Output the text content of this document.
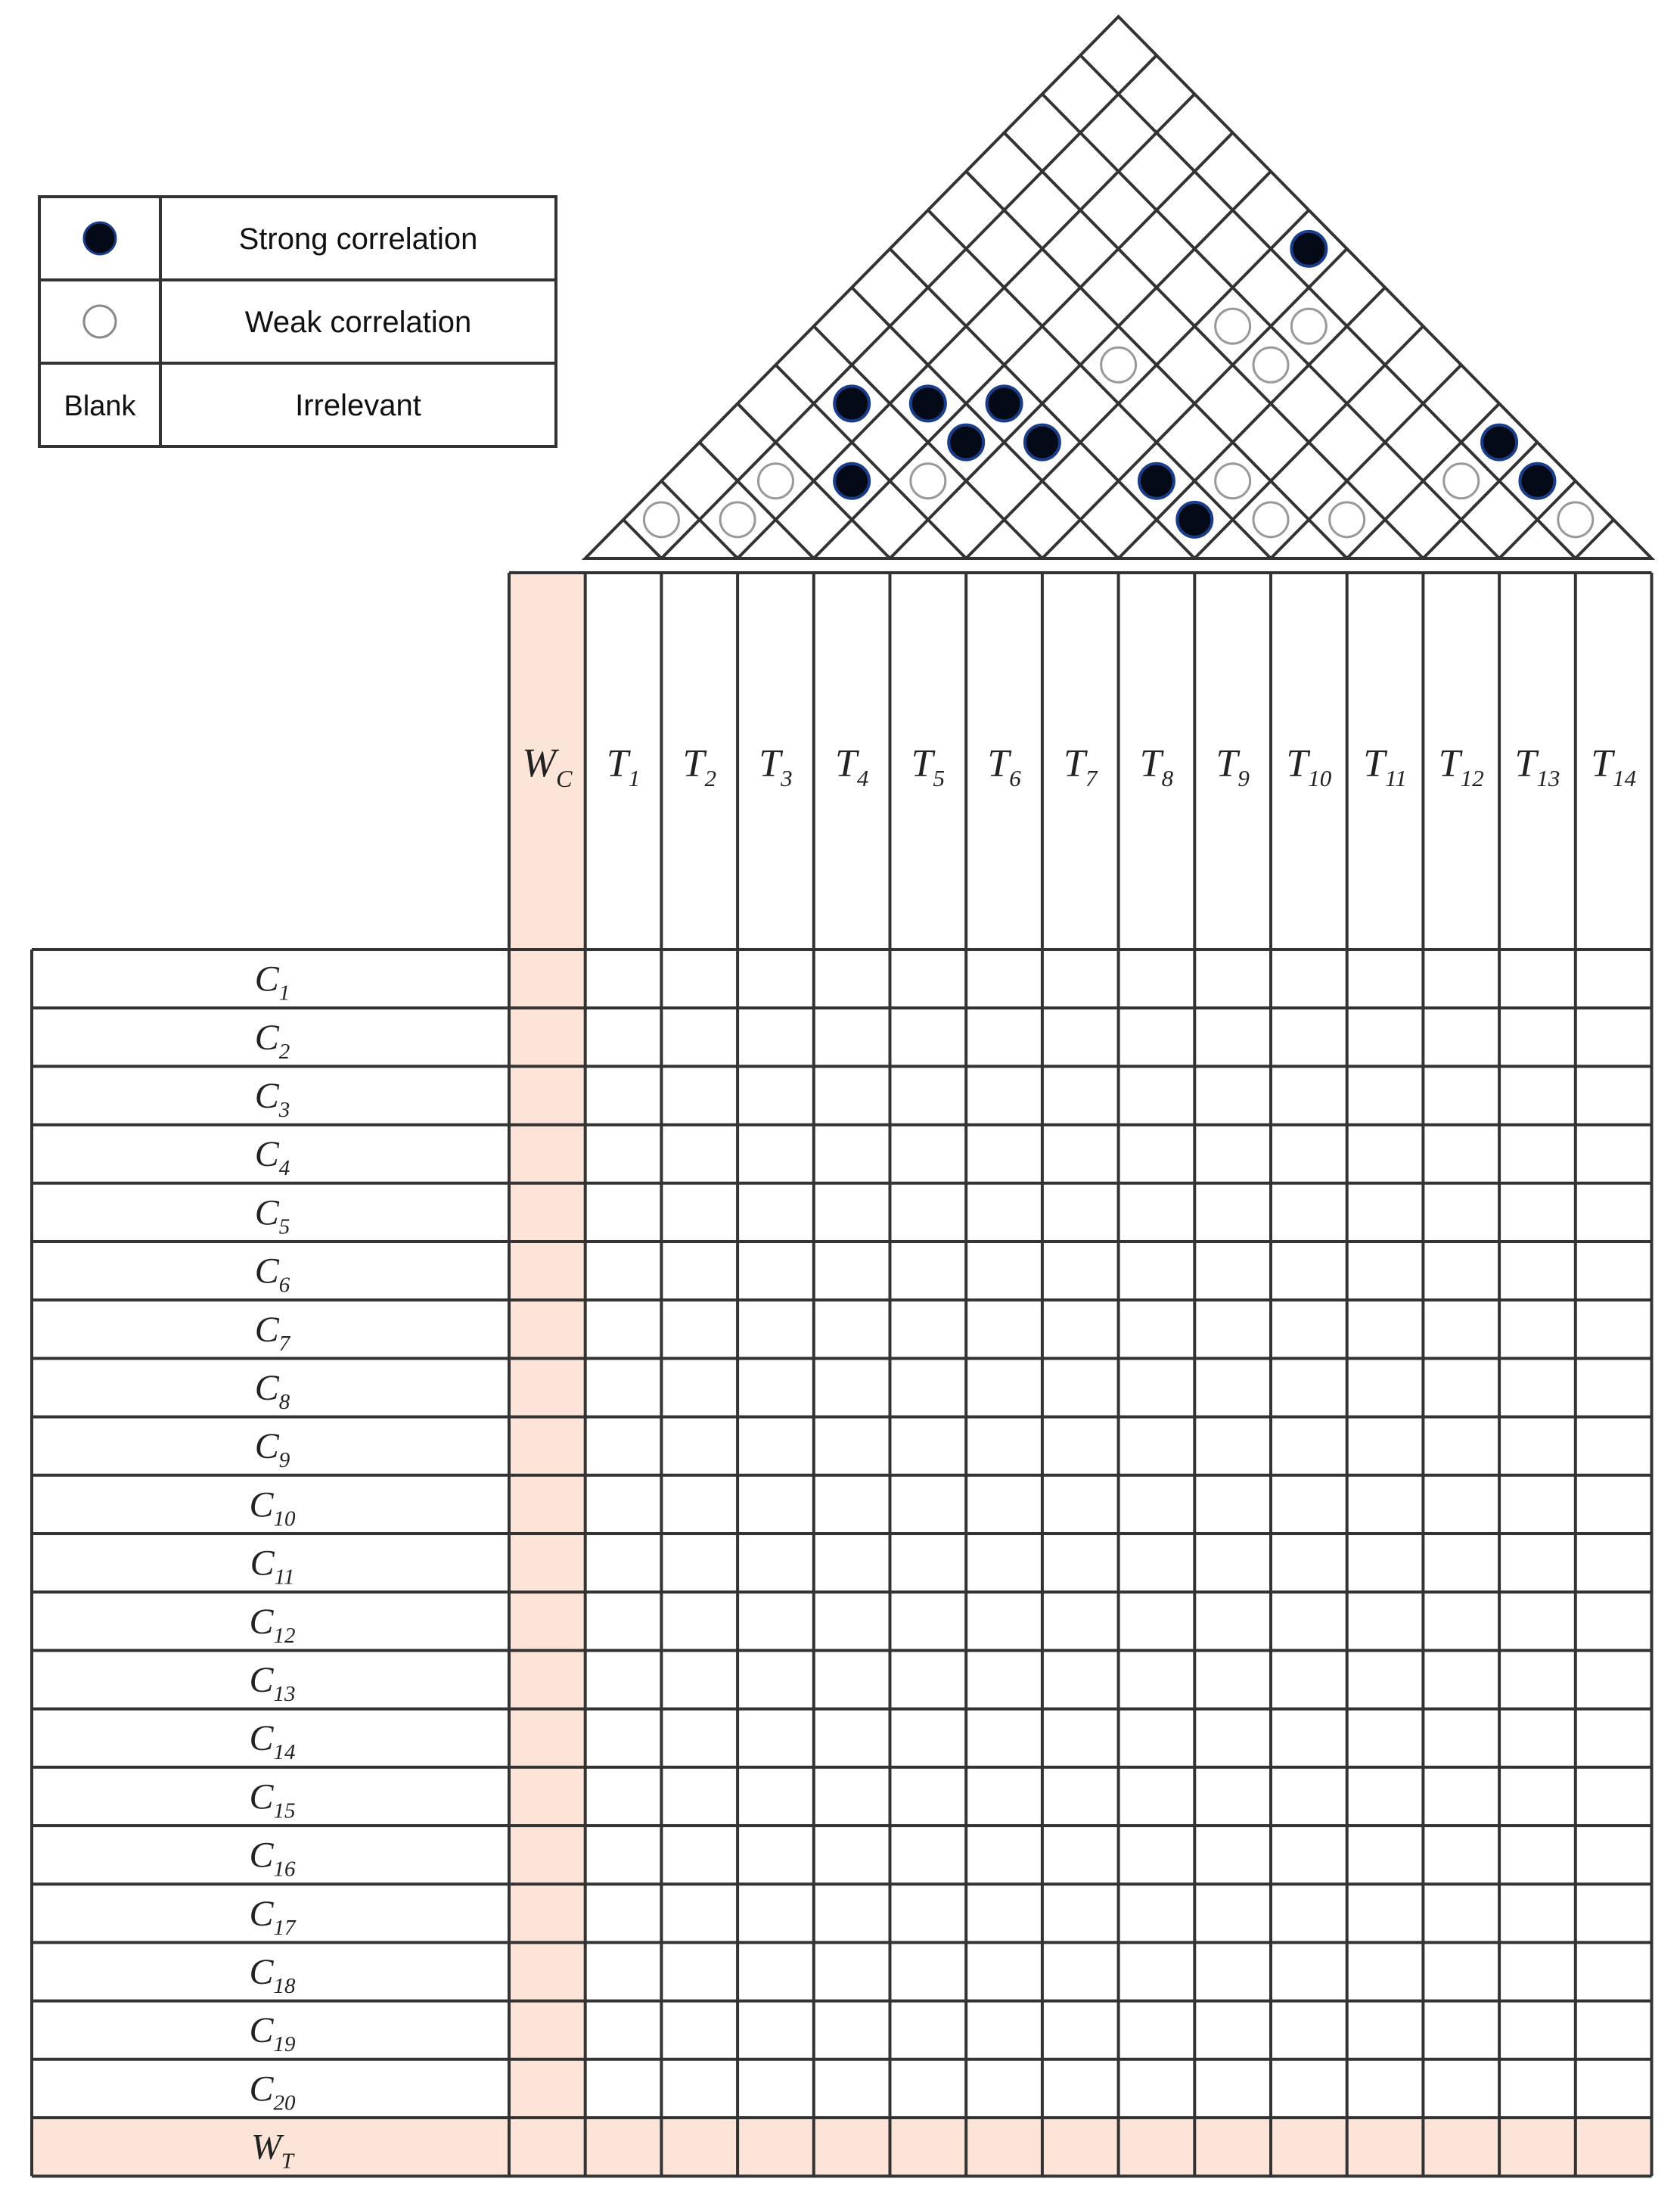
Strong correlation
Weak correlation
Blank	Irrelevant
$W_C$ $T_1$ $T_2$ $T_3$ $T_4$ $T_5$ $T_6$ $T_7$ $T_8$ $T_9$ $T_{10}$ $T_{11}$ $T_{12}$ $T_{13}$ $T_{14}$
$C_1$
$C_2$
$C_3$
$C_4$
$C_5$
$C_6$
$C_7$
$C_8$
$C_9$
$C_{10}$
$C_{11}$
$C_{12}$
$C_{13}$
$C_{14}$
$C_{15}$
$C_{16}$
$C_{17}$
$C_{18}$
$C_{19}$
$C_{20}$
$W_T$
